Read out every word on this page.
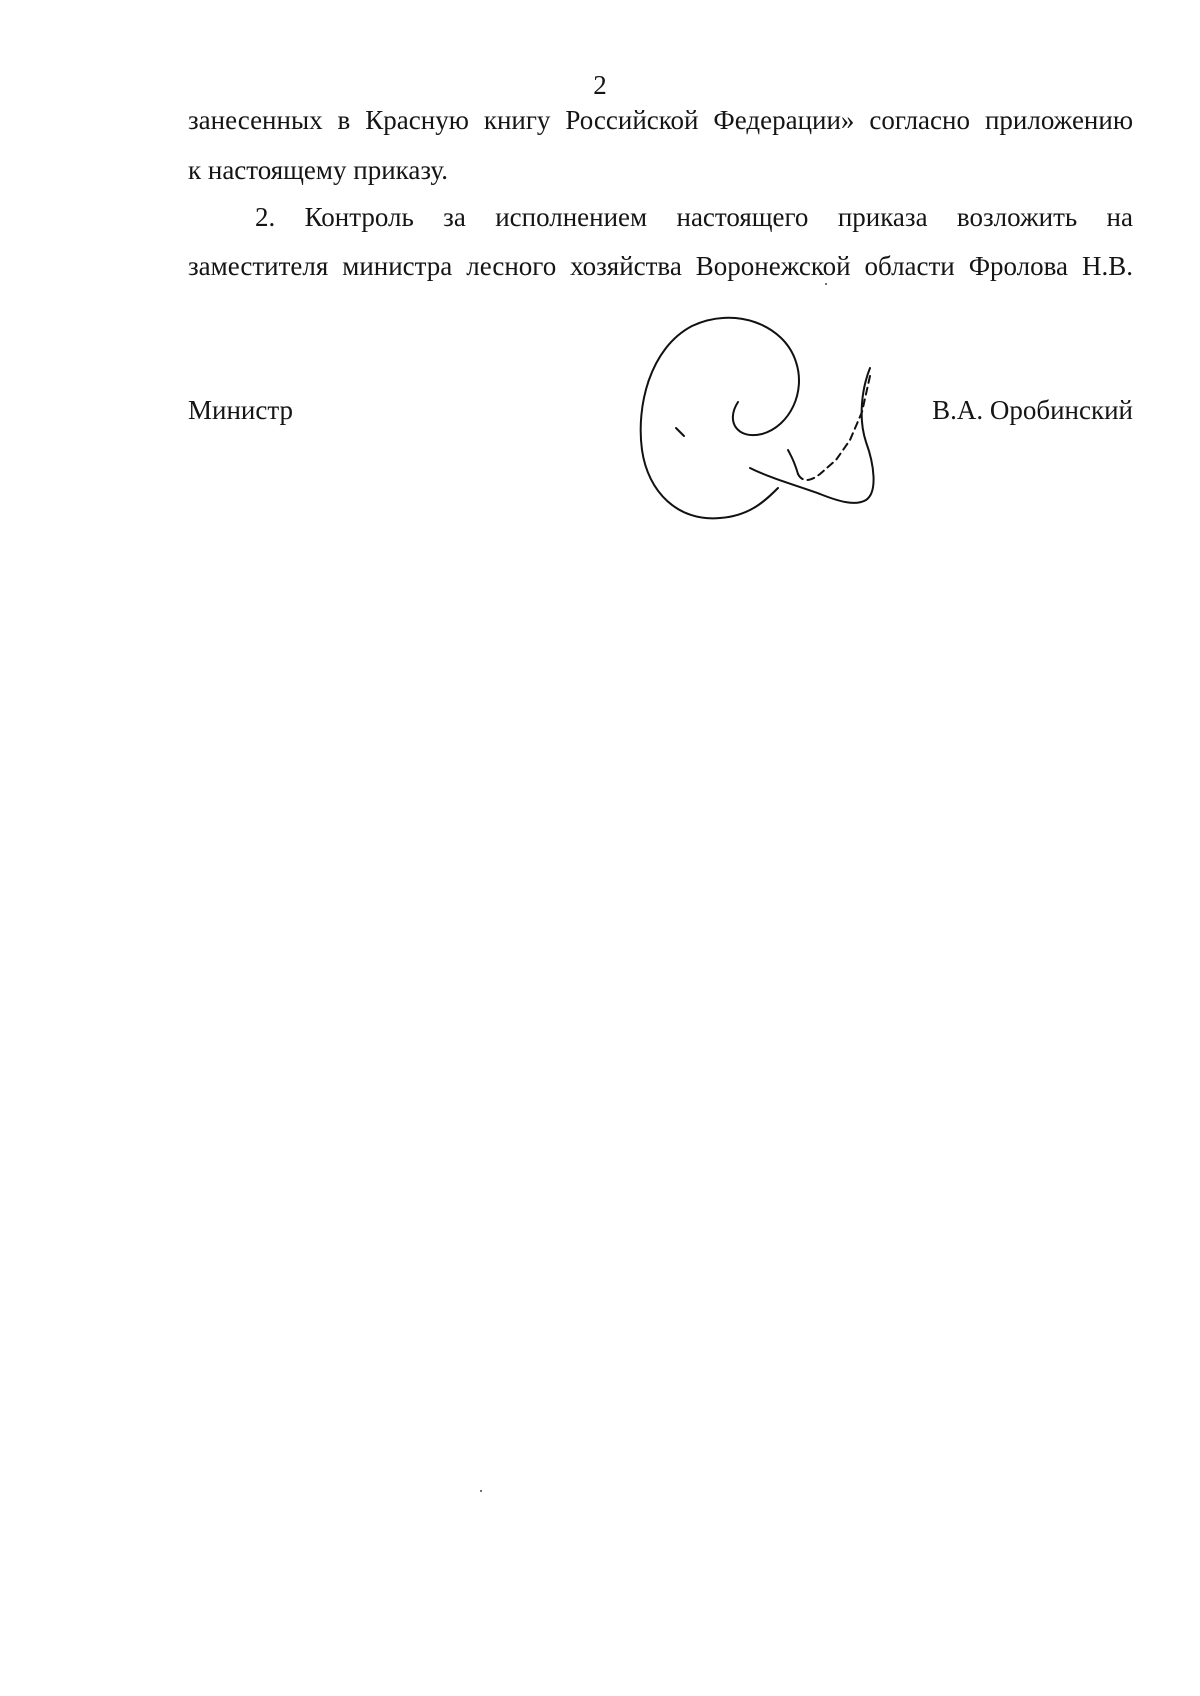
2
занесенных в Красную книгу Российской Федерации» согласно приложению
к настоящему приказу.
2. Контроль за исполнением настоящего приказа возложить на
заместителя министра лесного хозяйства Воронежской области Фролова Н.В.
Министр	В.А. Оробинский
